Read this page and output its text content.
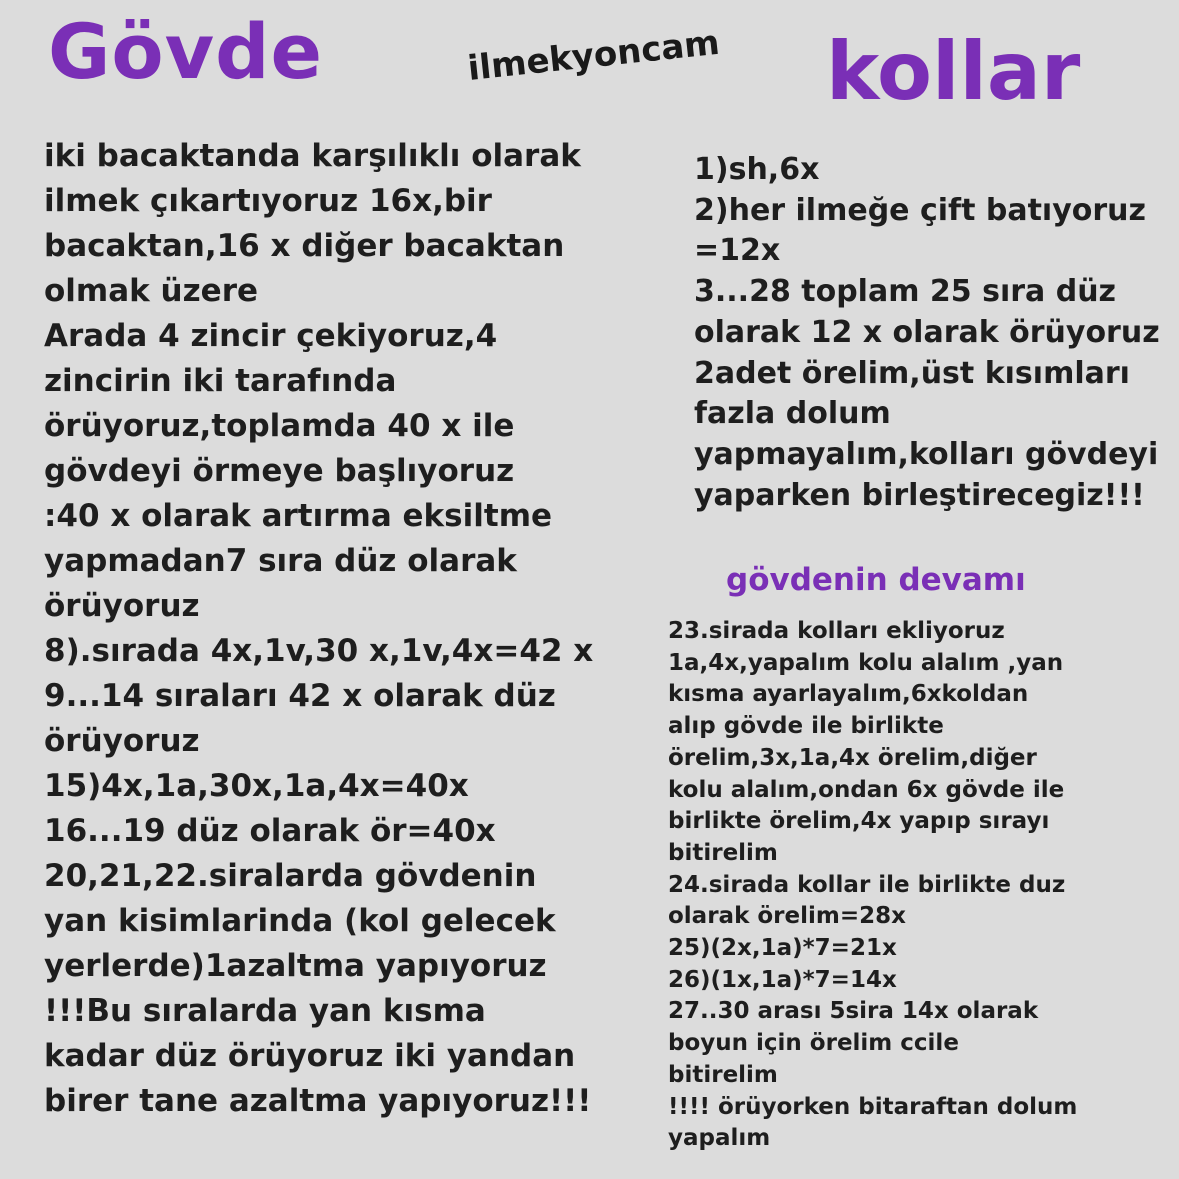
Gövde	ilmekyoncam kollar
iki bacaktanda karşılıklı olarak
ilmek çıkartıyoruz 16x,bir
bacaktan,16 x diğer bacaktan
olmak üzere
Arada 4 zincir çekiyoruz,4
zincirin iki tarafında
örüyoruz,toplamda 40 x ile
gövdeyi örmeye başlıyoruz
:40 x olarak artırma eksiltme
yapmadan7 sıra düz olarak
örüyoruz
8).sırada 4x,1v,30 x,1v,4x=42 x
9...14 sıraları 42 x olarak düz
örüyoruz
15)4x,1a,30x,1a,4x=40x
16...19 düz olarak ör=40x
20,21,22.siralarda gövdenin
yan kisimlarinda (kol gelecek
yerlerde)1azaltma yapıyoruz
!!!Bu sıralarda yan kısma
kadar düz örüyoruz iki yandan
birer tane azaltma yapıyoruz!!!
1)sh,6x
2)her ilmeğe çift batıyoruz
=12x
3...28 toplam 25 sıra düz
olarak 12 x olarak örüyoruz
2adet örelim,üst kısımları
fazla dolum
yapmayalım,kolları gövdeyi
yaparken birleştirecegiz!!!
gövdenin devamı
23.sirada kolları ekliyoruz
1a,4x,yapalım kolu alalım ,yan
kısma ayarlayalım,6xkoldan
alıp gövde ile birlikte
örelim,3x,1a,4x örelim,diğer
kolu alalım,ondan 6x gövde ile
birlikte örelim,4x yapıp sırayı
bitirelim
24.sirada kollar ile birlikte duz
olarak örelim=28x
25)(2x,1a)*7=21x
26)(1x,1a)*7=14x
27..30 arası 5sira 14x olarak
boyun için örelim ccile
bitirelim
!!!! örüyorken bitaraftan dolum
yapalım
